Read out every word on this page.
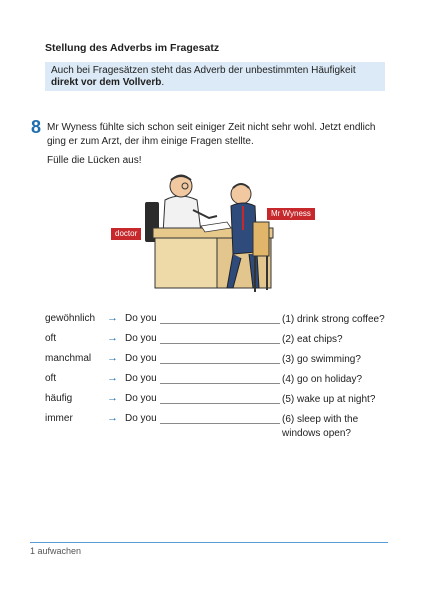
Stellung des Adverbs im Fragesatz
Auch bei Fragesätzen steht das Adverb der unbestimmten Häufigkeit direkt vor dem Vollverb.
8 Mr Wyness fühlte sich schon seit einiger Zeit nicht sehr wohl. Jetzt endlich ging er zum Arzt, der ihm einige Fragen stellte.
Fülle die Lücken aus!
doctor
Mr Wyness
gewöhnlich → Do you	(1) drink strong coffee?
oft	→ Do you	(2) eat chips?
manchmal → Do you	(3) go swimming?
oft	→ Do you	(4) go on holiday?
häufig	→ Do you	(5) wake up at night?
immer	→ Do you	(6) sleep with the windows open?
1 aufwachen
